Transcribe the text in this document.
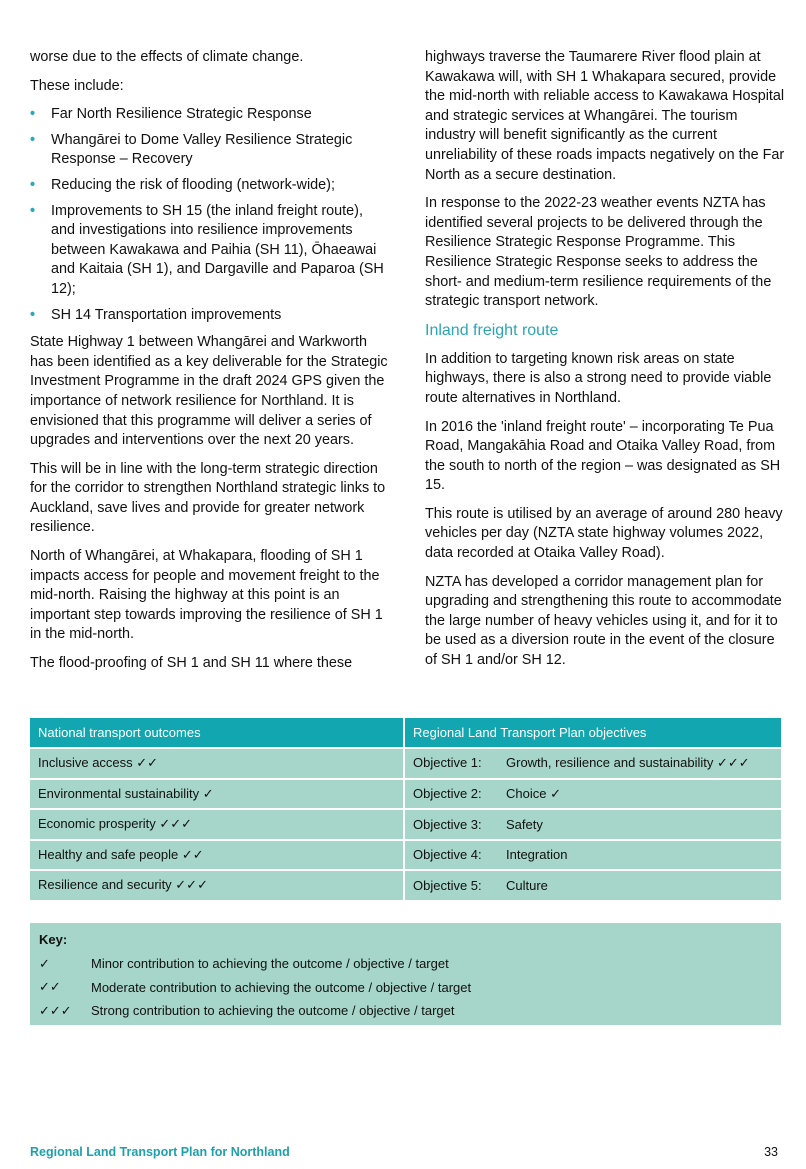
worse due to the effects of climate change.

These include:

• Far North Resilience Strategic Response
• Whangārei to Dome Valley Resilience Strategic Response – Recovery
• Reducing the risk of flooding (network-wide);
• Improvements to SH 15 (the inland freight route), and investigations into resilience improvements between Kawakawa and Paihia (SH 11), Ōhaeawai and Kaitaia (SH 1), and Dargaville and Paparoa (SH 12);
• SH 14 Transportation improvements

State Highway 1 between Whangārei and Warkworth has been identified as a key deliverable for the Strategic Investment Programme in the draft 2024 GPS given the importance of network resilience for Northland. It is envisioned that this programme will deliver a series of upgrades and interventions over the next 20 years.

This will be in line with the long-term strategic direction for the corridor to strengthen Northland strategic links to Auckland, save lives and provide for greater network resilience.

North of Whangārei, at Whakapara, flooding of SH 1 impacts access for people and movement freight to the mid-north. Raising the highway at this point is an important step towards improving the resilience of SH 1 in the mid-north.

The flood-proofing of SH 1 and SH 11 where these

highways traverse the Taumarere River flood plain at Kawakawa will, with SH 1 Whakapara secured, provide the mid-north with reliable access to Kawakawa Hospital and strategic services at Whangārei. The tourism industry will benefit significantly as the current unreliability of these roads impacts negatively on the Far North as a secure destination.

In response to the 2022-23 weather events NZTA has identified several projects to be delivered through the Resilience Strategic Response Programme. This Resilience Strategic Response seeks to address the short- and medium-term resilience requirements of the strategic transport network.

Inland freight route

In addition to targeting known risk areas on state highways, there is also a strong need to provide viable route alternatives in Northland.

In 2016 the 'inland freight route' – incorporating Te Pua Road, Mangakāhia Road and Otaika Valley Road, from the south to north of the region – was designated as SH 15.

This route is utilised by an average of around 280 heavy vehicles per day (NZTA state highway volumes 2022, data recorded at Otaika Valley Road).

NZTA has developed a corridor management plan for upgrading and strengthening this route to accommodate the large number of heavy vehicles using it, and for it to be used as a diversion route in the event of the closure of SH 1 and/or SH 12.

National transport outcomes	Regional Land Transport Plan objectives
Inclusive access ✓✓	Objective 1: Growth, resilience and sustainability ✓✓✓
Environmental sustainability ✓	Objective 2: Choice ✓
Economic prosperity ✓✓✓	Objective 3: Safety
Healthy and safe people ✓✓	Objective 4: Integration
Resilience and security ✓✓✓	Objective 5: Culture
Key:
✓	Minor contribution to achieving the outcome / objective / target
✓✓	Moderate contribution to achieving the outcome / objective / target
✓✓✓	Strong contribution to achieving the outcome / objective / target
Regional Land Transport Plan for Northland	33
